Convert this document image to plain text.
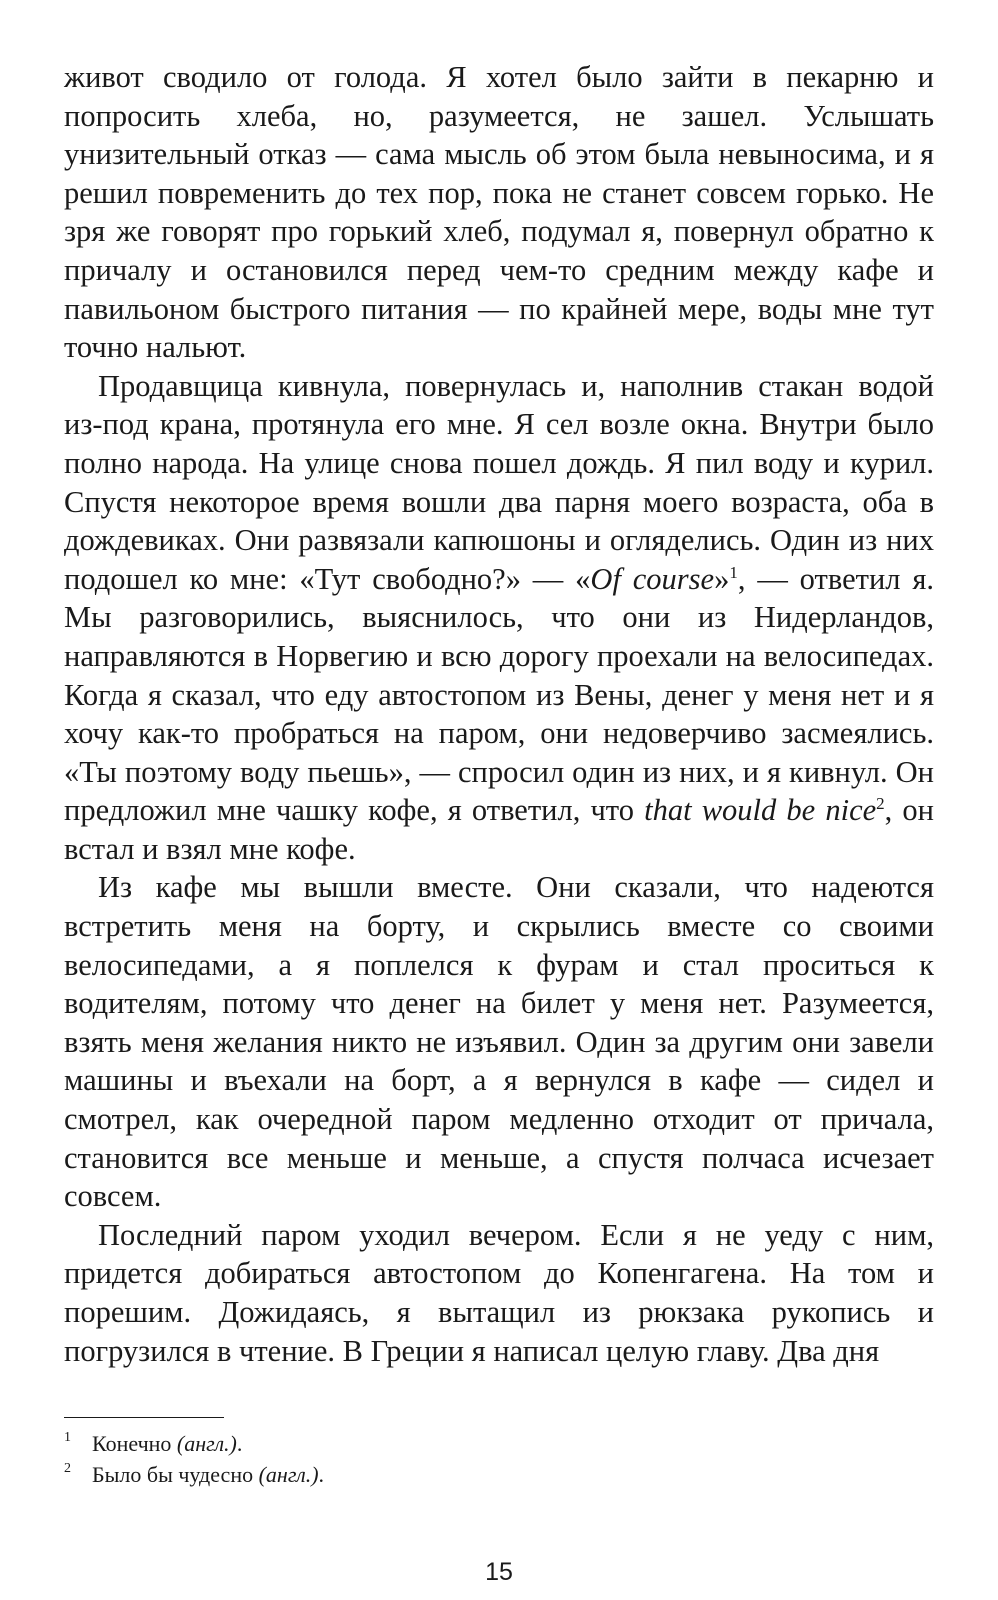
живот сводило от голода. Я хотел было зайти в пекарню и попросить хлеба, но, разумеется, не зашел. Услышать унизительный отказ — сама мысль об этом была невыносима, и я решил повременить до тех пор, пока не станет совсем горько. Не зря же говорят про горький хлеб, подумал я, повернул обратно к причалу и остановился перед чем-то средним между кафе и павильоном быстрого питания — по крайней мере, воды мне тут точно нальют.

Продавщица кивнула, повернулась и, наполнив стакан водой из-под крана, протянула его мне. Я сел возле окна. Внутри было полно народа. На улице снова пошел дождь. Я пил воду и курил. Спустя некоторое время вошли два парня моего возраста, оба в дождевиках. Они развязали капюшоны и огляделись. Один из них подошел ко мне: «Тут свободно?» — «Of course»$^1$, — ответил я. Мы разговорились, выяснилось, что они из Нидерландов, направляются в Норвегию и всю дорогу проехали на велосипедах. Когда я сказал, что еду автостопом из Вены, денег у меня нет и я хочу как-то пробраться на паром, они недоверчиво засмеялись. «Ты поэтому воду пьешь», — спросил один из них, и я кивнул. Он предложил мне чашку кофе, я ответил, что that would be nice$^2$, он встал и взял мне кофе.

Из кафе мы вышли вместе. Они сказали, что надеются встретить меня на борту, и скрылись вместе со своими велосипедами, а я поплелся к фурам и стал проситься к водителям, потому что денег на билет у меня нет. Разумеется, взять меня желания никто не изъявил. Один за другим они завели машины и въехали на борт, а я вернулся в кафе — сидел и смотрел, как очередной паром медленно отходит от причала, становится все меньше и меньше, а спустя полчаса исчезает совсем.

Последний паром уходил вечером. Если я не уеду с ним, придется добираться автостопом до Копенгагена. На том и порешим. Дожидаясь, я вытащил из рюкзака рукопись и погрузился в чтение. В Греции я написал целую главу. Два дня

1 Конечно (англ.).
2 Было бы чудесно (англ.).
15
